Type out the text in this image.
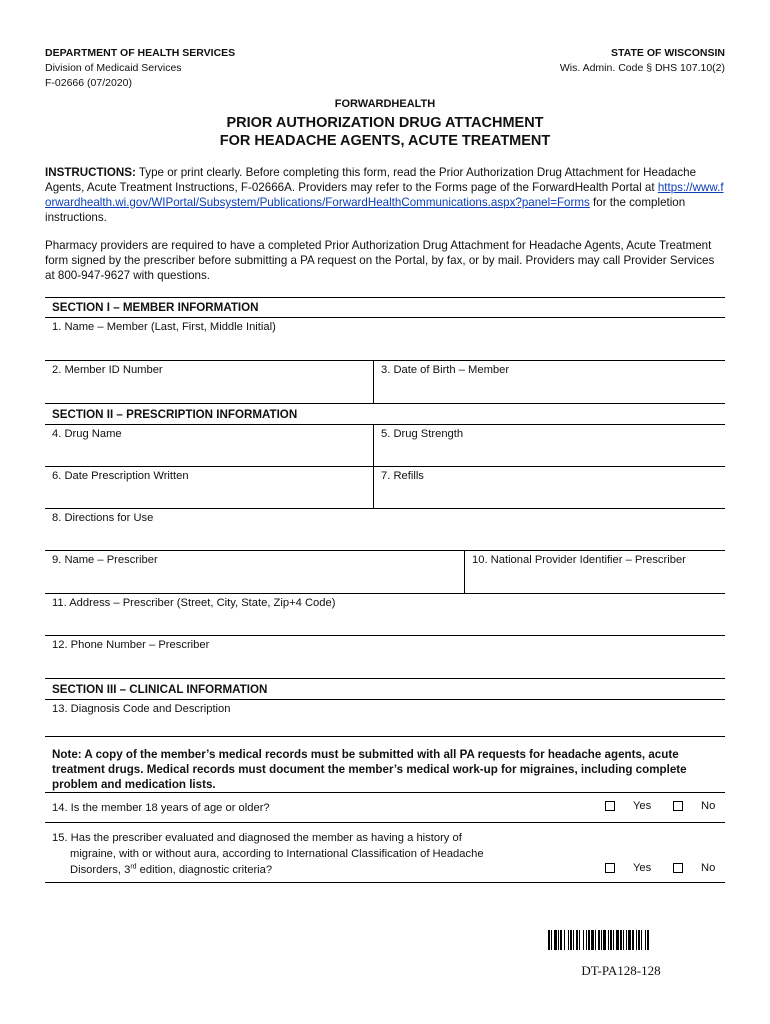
DEPARTMENT OF HEALTH SERVICES
Division of Medicaid Services
F-02666 (07/2020)
STATE OF WISCONSIN
Wis. Admin. Code § DHS 107.10(2)
FORWARDHEALTH
PRIOR AUTHORIZATION DRUG ATTACHMENT
FOR HEADACHE AGENTS, ACUTE TREATMENT
INSTRUCTIONS: Type or print clearly. Before completing this form, read the Prior Authorization Drug Attachment for Headache Agents, Acute Treatment Instructions, F-02666A. Providers may refer to the Forms page of the ForwardHealth Portal at https://www.forwardhealth.wi.gov/WIPortal/Subsystem/Publications/ForwardHealthCommunications.aspx?panel=Forms for the completion instructions.
Pharmacy providers are required to have a completed Prior Authorization Drug Attachment for Headache Agents, Acute Treatment form signed by the prescriber before submitting a PA request on the Portal, by fax, or by mail. Providers may call Provider Services at 800-947-9627 with questions.
SECTION I – MEMBER INFORMATION
1. Name – Member (Last, First, Middle Initial)
2. Member ID Number	3. Date of Birth – Member
SECTION II – PRESCRIPTION INFORMATION
4. Drug Name	5. Drug Strength
6. Date Prescription Written	7. Refills
8. Directions for Use
9. Name – Prescriber	10. National Provider Identifier – Prescriber
11. Address – Prescriber (Street, City, State, Zip+4 Code)
12. Phone Number – Prescriber
SECTION III – CLINICAL INFORMATION
13. Diagnosis Code and Description
Note: A copy of the member’s medical records must be submitted with all PA requests for headache agents, acute treatment drugs. Medical records must document the member’s medical work-up for migraines, including complete problem and medication lists.
14. Is the member 18 years of age or older?	Yes	No
15. Has the prescriber evaluated and diagnosed the member as having a history of
migraine, with or without aura, according to International Classification of Headache
Disorders, 3rd edition, diagnostic criteria?	Yes	No
DT-PA128-128
